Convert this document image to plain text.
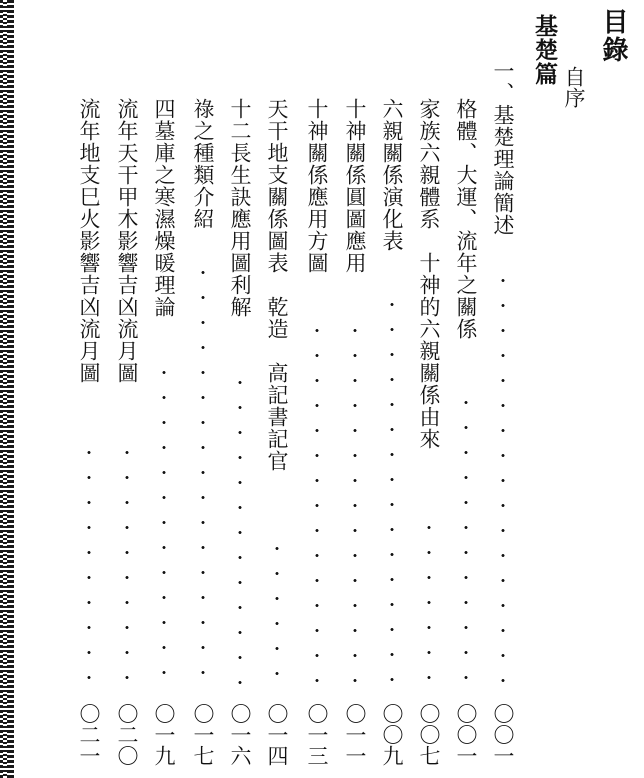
目錄
自序
基楚篇
一、基楚理論簡述
〇〇一
格體、大運、流年之關係
〇〇一
家族六親體系　十神的六親關係由來
〇〇七
六親關係演化表
〇〇九
十神關係圓圖應用
〇一一
十神關係應用方圖
〇一三
天干地支關係圖表　乾造　高記書記官
〇一四
十二長生訣應用圖利解
〇一六
祿之種類介紹
〇一七
四墓庫之寒濕燥暖理論
〇一九
流年天干甲木影響吉凶流月圖
〇二〇
流年地支巳火影響吉凶流月圖
〇二一
